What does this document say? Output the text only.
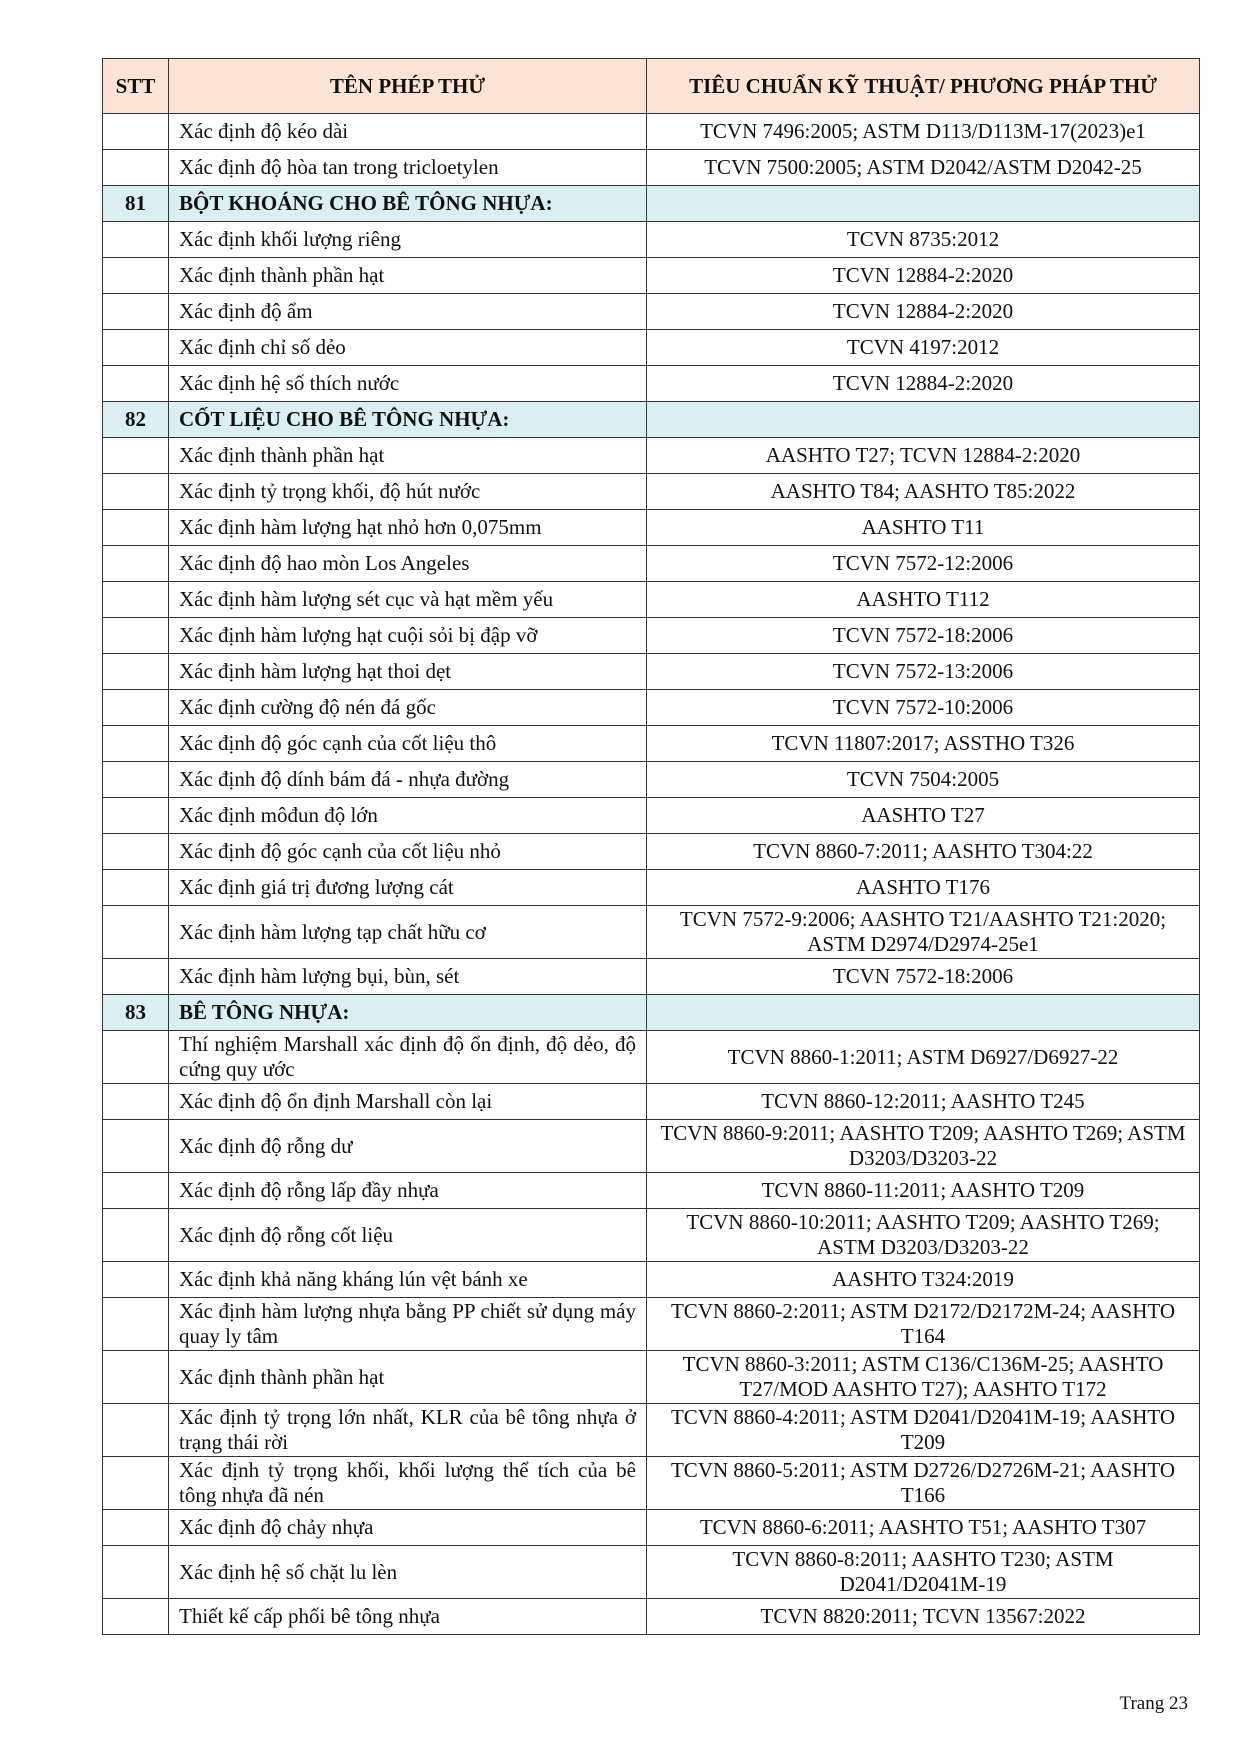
STT	TÊN PHÉP THỬ	TIÊU CHUẨN KỸ THUẬT/ PHƯƠNG PHÁP THỬ
	Xác định độ kéo dài	TCVN 7496:2005; ASTM D113/D113M-17(2023)e1
	Xác định độ hòa tan trong tricloetylen	TCVN 7500:2005; ASTM D2042/ASTM D2042-25
81	BỘT KHOÁNG CHO BÊ TÔNG NHỰA:	
	Xác định khối lượng riêng	TCVN 8735:2012
	Xác định thành phần hạt	TCVN 12884-2:2020
	Xác định độ ẩm	TCVN 12884-2:2020
	Xác định chỉ số dẻo	TCVN 4197:2012
	Xác định hệ số thích nước	TCVN 12884-2:2020
82	CỐT LIỆU CHO BÊ TÔNG NHỰA:	
	Xác định thành phần hạt	AASHTO T27; TCVN 12884-2:2020
	Xác định tỷ trọng khối, độ hút nước	AASHTO T84; AASHTO T85:2022
	Xác định hàm lượng hạt nhỏ hơn 0,075mm	AASHTO T11
	Xác định độ hao mòn Los Angeles	TCVN 7572-12:2006
	Xác định hàm lượng sét cục và hạt mềm yếu	AASHTO T112
	Xác định hàm lượng hạt cuội sỏi bị đập vỡ	TCVN 7572-18:2006
	Xác định hàm lượng hạt thoi dẹt	TCVN 7572-13:2006
	Xác định cường độ nén đá gốc	TCVN 7572-10:2006
	Xác định độ góc cạnh của cốt liệu thô	TCVN 11807:2017; ASSTHO T326
	Xác định độ dính bám đá - nhựa đường	TCVN 7504:2005
	Xác định môđun độ lớn	AASHTO T27
	Xác định độ góc cạnh của cốt liệu nhỏ	TCVN 8860-7:2011; AASHTO T304:22
	Xác định giá trị đương lượng cát	AASHTO T176
	Xác định hàm lượng tạp chất hữu cơ	TCVN 7572-9:2006; AASHTO T21/AASHTO T21:2020; ASTM D2974/D2974-25e1
	Xác định hàm lượng bụi, bùn, sét	TCVN 7572-18:2006
83	BÊ TÔNG NHỰA:	
	Thí nghiệm Marshall xác định độ ổn định, độ dẻo, độ cứng quy ước	TCVN 8860-1:2011; ASTM D6927/D6927-22
	Xác định độ ổn định Marshall còn lại	TCVN 8860-12:2011; AASHTO T245
	Xác định độ rỗng dư	TCVN 8860-9:2011; AASHTO T209; AASHTO T269; ASTM D3203/D3203-22
	Xác định độ rỗng lấp đầy nhựa	TCVN 8860-11:2011; AASHTO T209
	Xác định độ rỗng cốt liệu	TCVN 8860-10:2011; AASHTO T209; AASHTO T269; ASTM D3203/D3203-22
	Xác định khả năng kháng lún vệt bánh xe	AASHTO T324:2019
	Xác định hàm lượng nhựa bằng PP chiết sử dụng máy quay ly tâm	TCVN 8860-2:2011; ASTM D2172/D2172M-24; AASHTO T164
	Xác định thành phần hạt	TCVN 8860-3:2011; ASTM C136/C136M-25; AASHTO T27/MOD AASHTO T27); AASHTO T172
	Xác định tỷ trọng lớn nhất, KLR của bê tông nhựa ở trạng thái rời	TCVN 8860-4:2011; ASTM D2041/D2041M-19; AASHTO T209
	Xác định tỷ trọng khối, khối lượng thể tích của bê tông nhựa đã nén	TCVN 8860-5:2011; ASTM D2726/D2726M-21; AASHTO T166
	Xác định độ chảy nhựa	TCVN 8860-6:2011; AASHTO T51; AASHTO T307
	Xác định hệ số chặt lu lèn	TCVN 8860-8:2011; AASHTO T230; ASTM D2041/D2041M-19
	Thiết kế cấp phối bê tông nhựa	TCVN 8820:2011; TCVN 13567:2022
Trang 23
